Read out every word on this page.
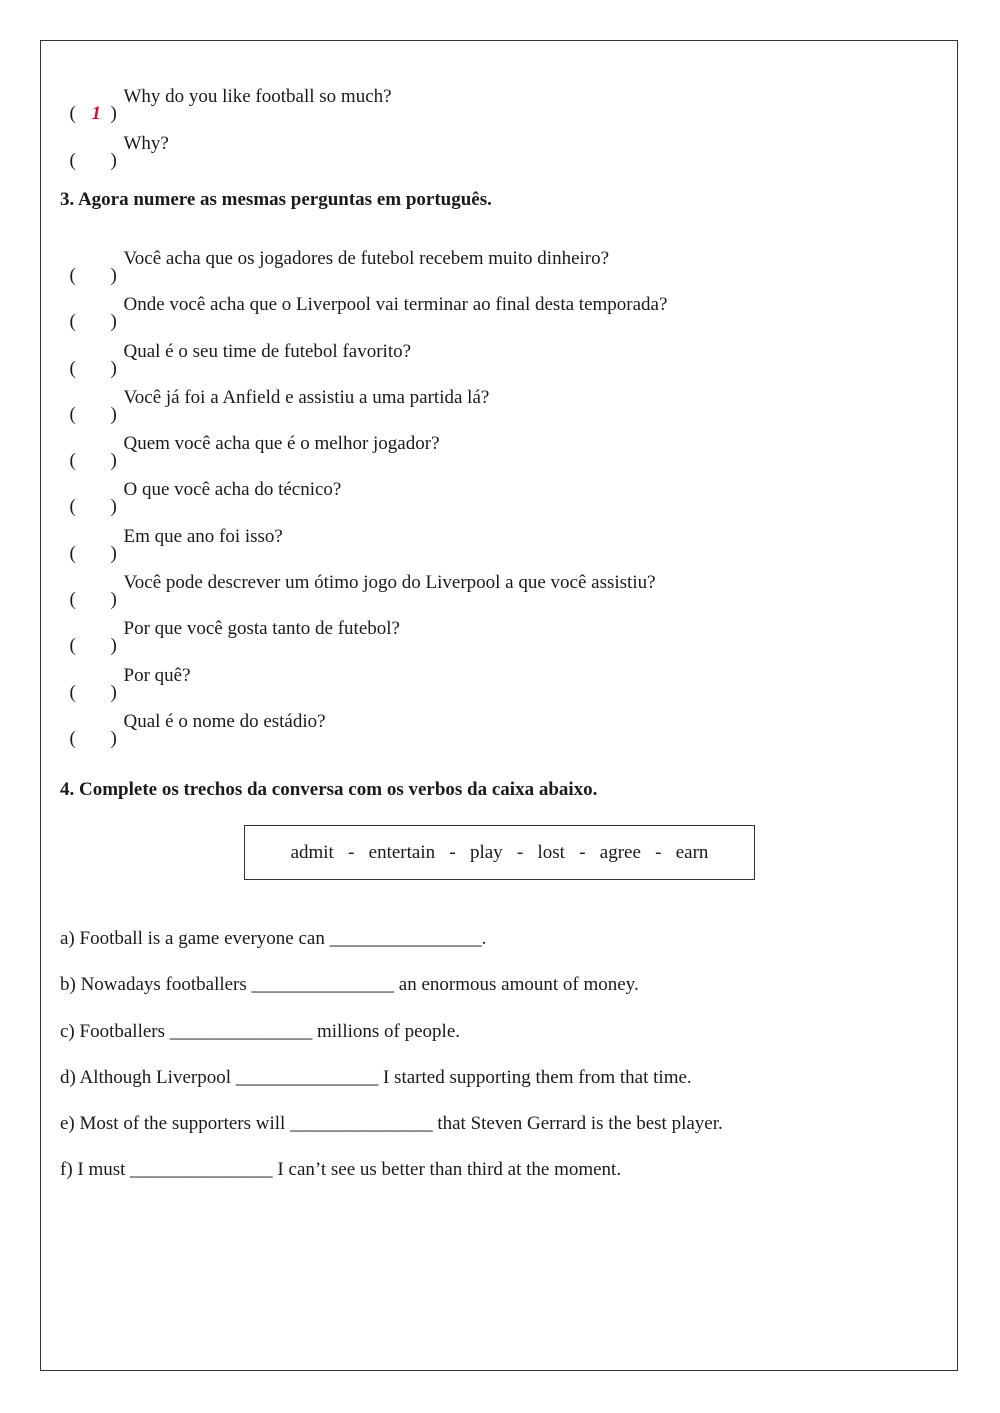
( 1 )
Why do you like football so much?

( )
Why?

3. Agora numere as mesmas perguntas em português.

( )
Você acha que os jogadores de futebol recebem muito dinheiro?

( )
Onde você acha que o Liverpool vai terminar ao final desta temporada?

( )
Qual é o seu time de futebol favorito?

( )
Você já foi a Anfield e assistiu a uma partida lá?

( )
Quem você acha que é o melhor jogador?

( )
O que você acha do técnico?

( )
Em que ano foi isso?

( )
Você pode descrever um ótimo jogo do Liverpool a que você assistiu?

( )
Por que você gosta tanto de futebol?

( )
Por quê?

( )
Qual é o nome do estádio?

4. Complete os trechos da conversa com os verbos da caixa abaixo.
admit   -   entertain   -   play   -   lost   -   agree   -   earn
a) Football is a game everyone can ________________.
b) Nowadays footballers _______________ an enormous amount of money.
c) Footballers _______________ millions of people.
d) Although Liverpool _______________ I started supporting them from that time.
e) Most of the supporters will _______________ that Steven Gerrard is the best player.
f) I must _______________ I can’t see us better than third at the moment.
